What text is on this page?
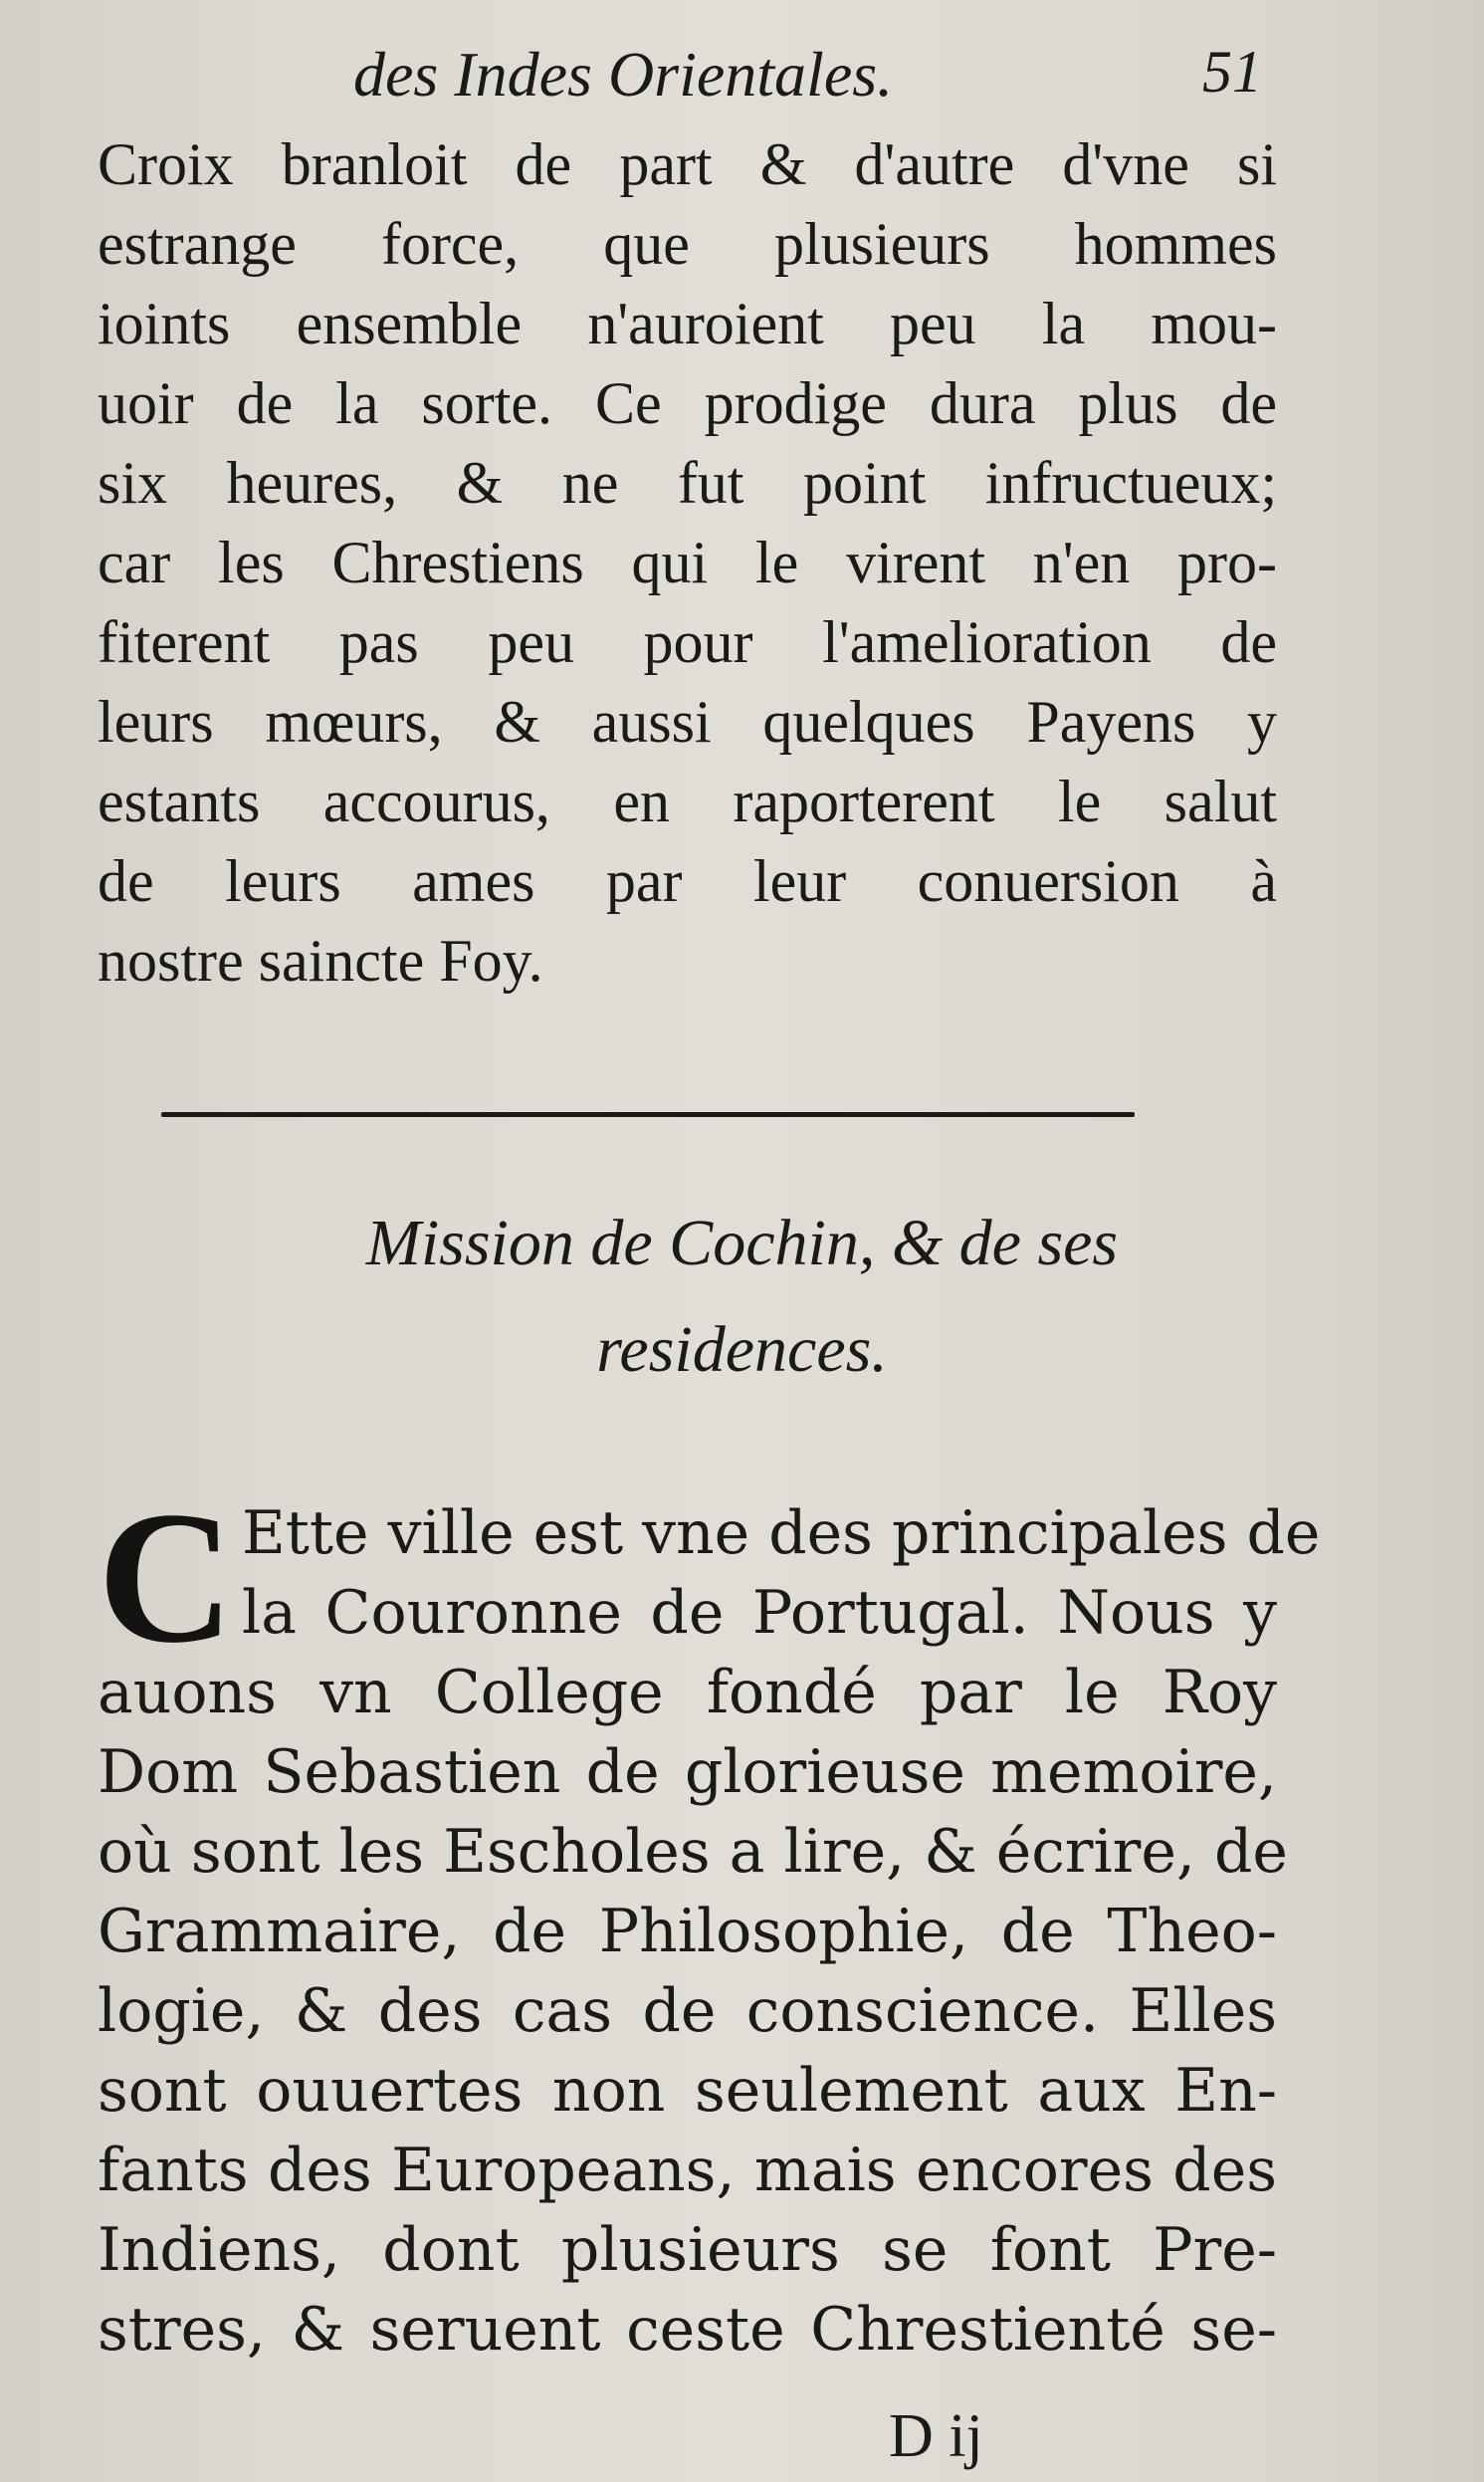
des Indes Orientales.	51
Croix branloit de part & d'autre d'vne si
estrange force, que plusieurs hommes
ioints ensemble n'auroient peu la mou-
uoir de la sorte. Ce prodige dura plus de
six heures, & ne fut point infructueux;
car les Chrestiens qui le virent n'en pro-
fiterent pas peu pour l'amelioration de
leurs mœurs, & aussi quelques Payens y
estants accourus, en raporterent le salut
de leurs ames par leur conuersion à
nostre saincte Foy.
Mission de Cochin, & de ses
residences.
C Ette ville est vne des principales de
la Couronne de Portugal. Nous y
auons vn College fondé par le Roy
Dom Sebastien de glorieuse memoire,
où sont les Escholes a lire, & écrire, de
Grammaire, de Philosophie, de Theo-
logie, & des cas de conscience. Elles
sont ouuertes non seulement aux En-
fants des Europeans, mais encores des
Indiens, dont plusieurs se font Pre-
stres, & seruent ceste Chrestienté se-
D ij
